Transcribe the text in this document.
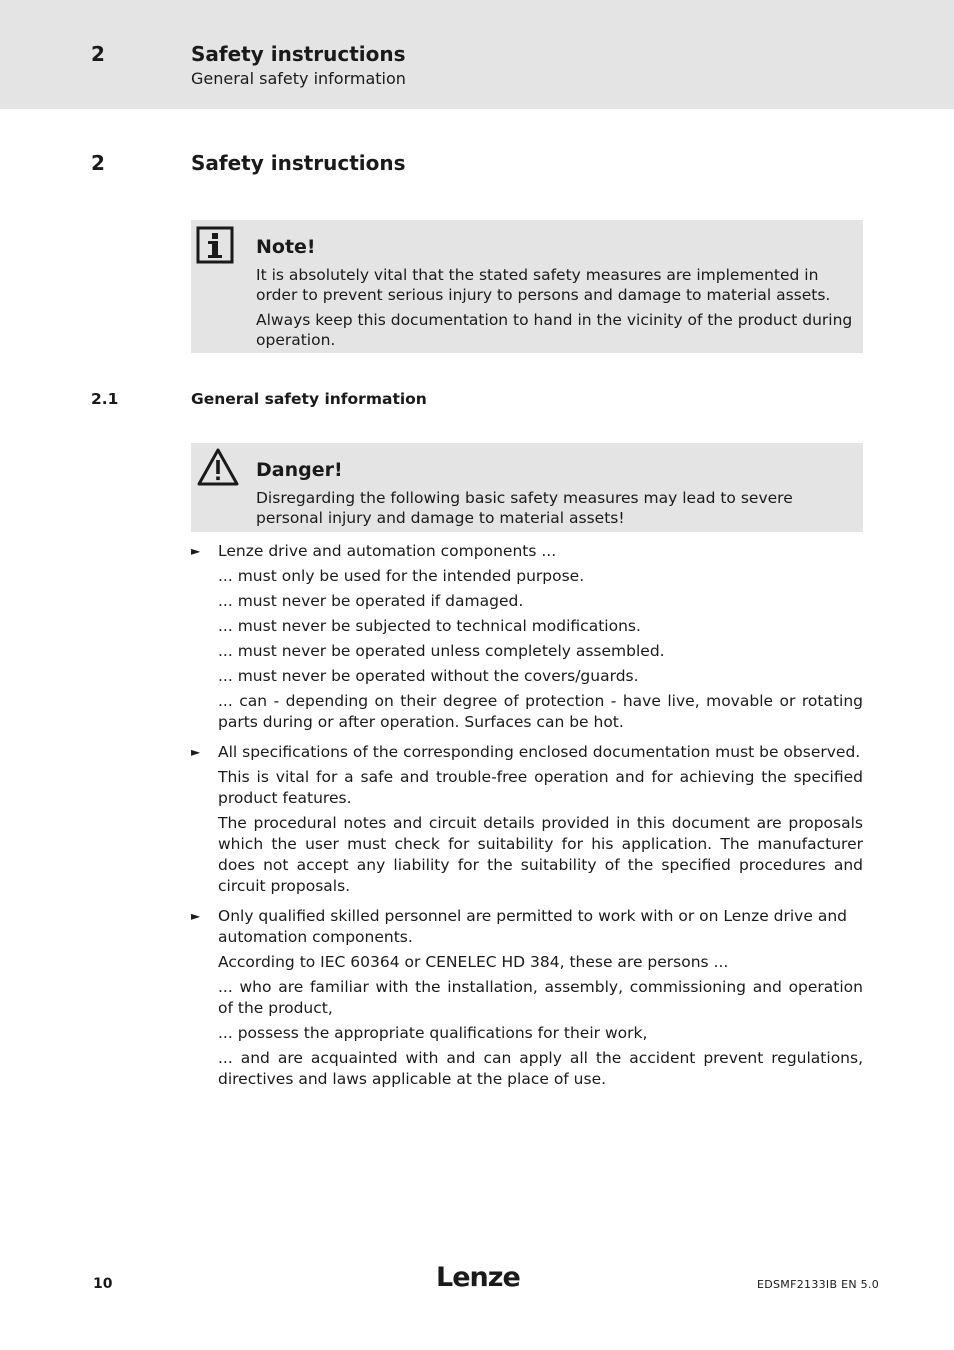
2	Safety instructions
General safety information
2	Safety instructions
Note!
It is absolutely vital that the stated safety measures are implemented in order to prevent serious injury to persons and damage to material assets.
Always keep this documentation to hand in the vicinity of the product during operation.
2.1	General safety information
Danger!
Disregarding the following basic safety measures may lead to severe personal injury and damage to material assets!
► Lenze drive and automation components ...
... must only be used for the intended purpose.
... must never be operated if damaged.
... must never be subjected to technical modifications.
... must never be operated unless completely assembled.
... must never be operated without the covers/guards.
... can - depending on their degree of protection - have live, movable or rotating parts during or after operation. Surfaces can be hot.
► All specifications of the corresponding enclosed documentation must be observed.
This is vital for a safe and trouble-free operation and for achieving the specified product features.
The procedural notes and circuit details provided in this document are proposals which the user must check for suitability for his application. The manufacturer does not accept any liability for the suitability of the specified procedures and circuit proposals.
► Only qualified skilled personnel are permitted to work with or on Lenze drive and automation components.
According to IEC 60364 or CENELEC HD 384, these are persons ...
... who are familiar with the installation, assembly, commissioning and operation of the product,
... possess the appropriate qualifications for their work,
... and are acquainted with and can apply all the accident prevent regulations, directives and laws applicable at the place of use.
10	Lenze	EDSMF2133IB EN 5.0
